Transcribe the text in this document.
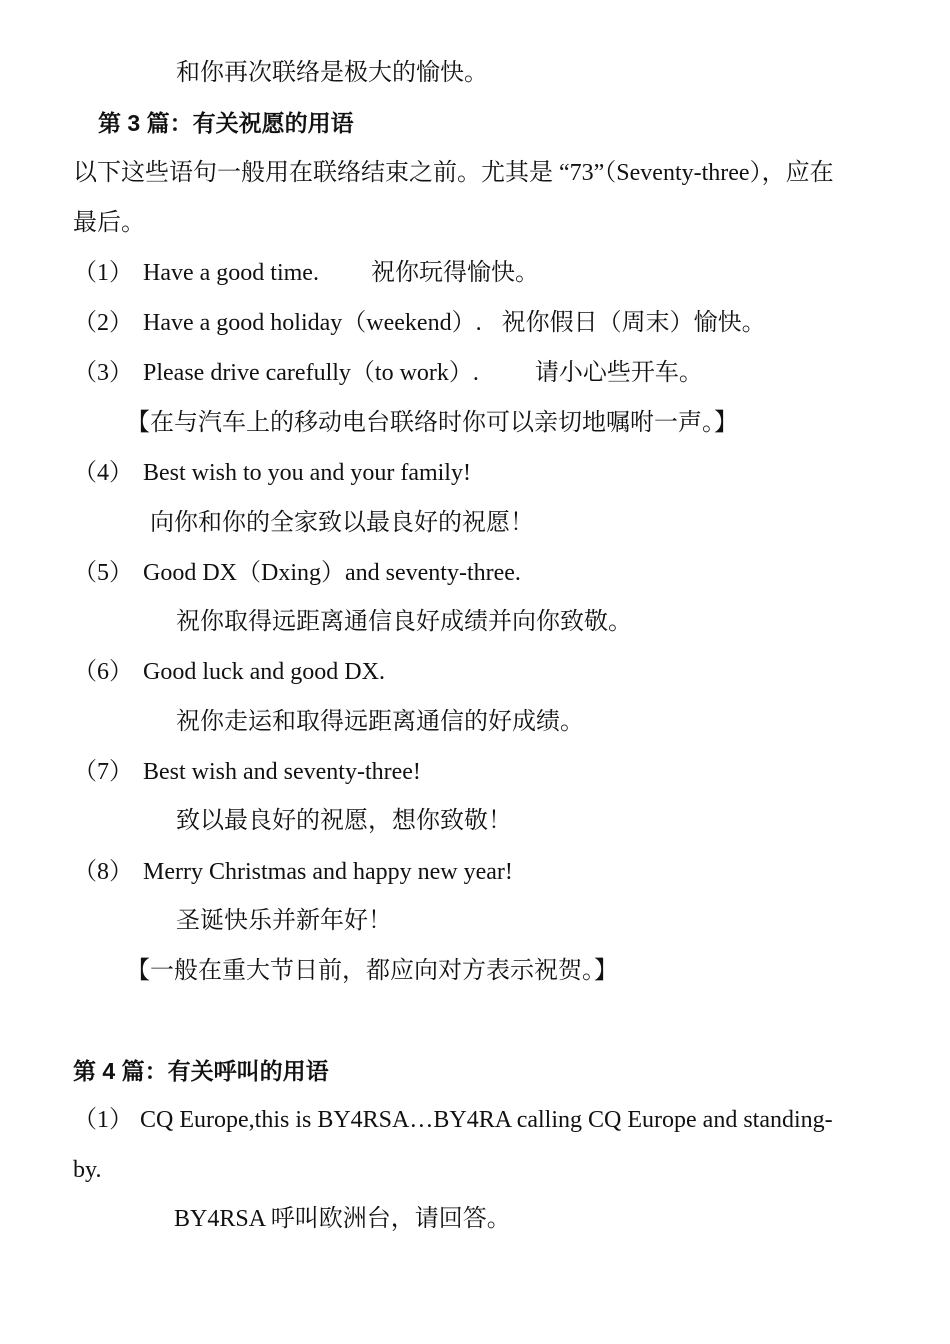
和你再次联络是极大的愉快。
第 3 篇：有关祝愿的用语
以下这些语句一般用在联络结束之前。尤其是 “73”（Seventy-three），应在
最后。
（1） Have a good time. 祝你玩得愉快。
（2） Have a good holiday（weekend）. 祝你假日（周末）愉快。
（3） Please drive carefully（to work）. 请小心些开车。
【在与汽车上的移动电台联络时你可以亲切地嘱咐一声。】
（4） Best wish to you and your family!
向你和你的全家致以最良好的祝愿！
（5） Good DX（Dxing）and seventy-three.
祝你取得远距离通信良好成绩并向你致敬。
（6） Good luck and good DX.
祝你走运和取得远距离通信的好成绩。
（7） Best wish and seventy-three!
致以最良好的祝愿，想你致敬！
（8） Merry Christmas and happy new year!
圣诞快乐并新年好！
【一般在重大节日前，都应向对方表示祝贺。】
第 4 篇：有关呼叫的用语
（1） CQ Europe,this is BY4RSA…BY4RA calling CQ Europe and standing-
by.
BY4RSA 呼叫欧洲台，请回答。
